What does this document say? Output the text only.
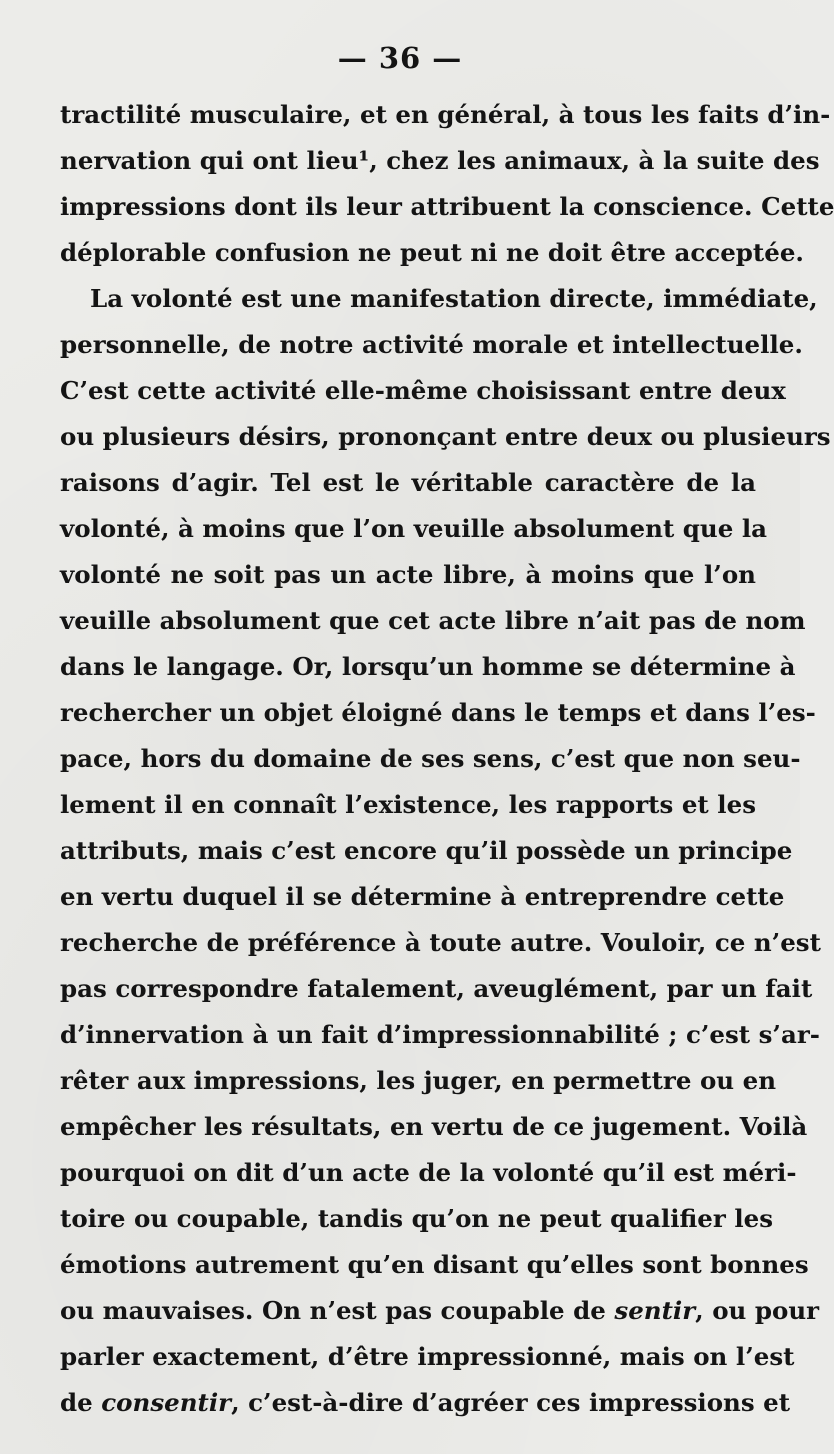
— 36 —
tractilité musculaire, et en général, à tous les faits d’in-
nervation qui ont lieu¹, chez les animaux, à la suite des
impressions dont ils leur attribuent la conscience. Cette
déplorable confusion ne peut ni ne doit être acceptée.
La volonté est une manifestation directe, immédiate,
personnelle, de notre activité morale et intellectuelle.
C’est cette activité elle-même choisissant entre deux
ou plusieurs désirs, prononçant entre deux ou plusieurs
raisons d’agir. Tel est le véritable caractère de la
volonté, à moins que l’on veuille absolument que la
volonté ne soit pas un acte libre, à moins que l’on
veuille absolument que cet acte libre n’ait pas de nom
dans le langage. Or, lorsqu’un homme se détermine à
rechercher un objet éloigné dans le temps et dans l’es-
pace, hors du domaine de ses sens, c’est que non seu-
lement il en connaît l’existence, les rapports et les
attributs, mais c’est encore qu’il possède un principe
en vertu duquel il se détermine à entreprendre cette
recherche de préférence à toute autre. Vouloir, ce n’est
pas correspondre fatalement, aveuglément, par un fait
d’innervation à un fait d’impressionnabilité ; c’est s’ar-
rêter aux impressions, les juger, en permettre ou en
empêcher les résultats, en vertu de ce jugement. Voilà
pourquoi on dit d’un acte de la volonté qu’il est méri-
toire ou coupable, tandis qu’on ne peut qualifier les
émotions autrement qu’en disant qu’elles sont bonnes
ou mauvaises. On n’est pas coupable de sentir, ou pour
parler exactement, d’être impressionné, mais on l’est
de consentir, c’est-à-dire d’agréer ces impressions et
